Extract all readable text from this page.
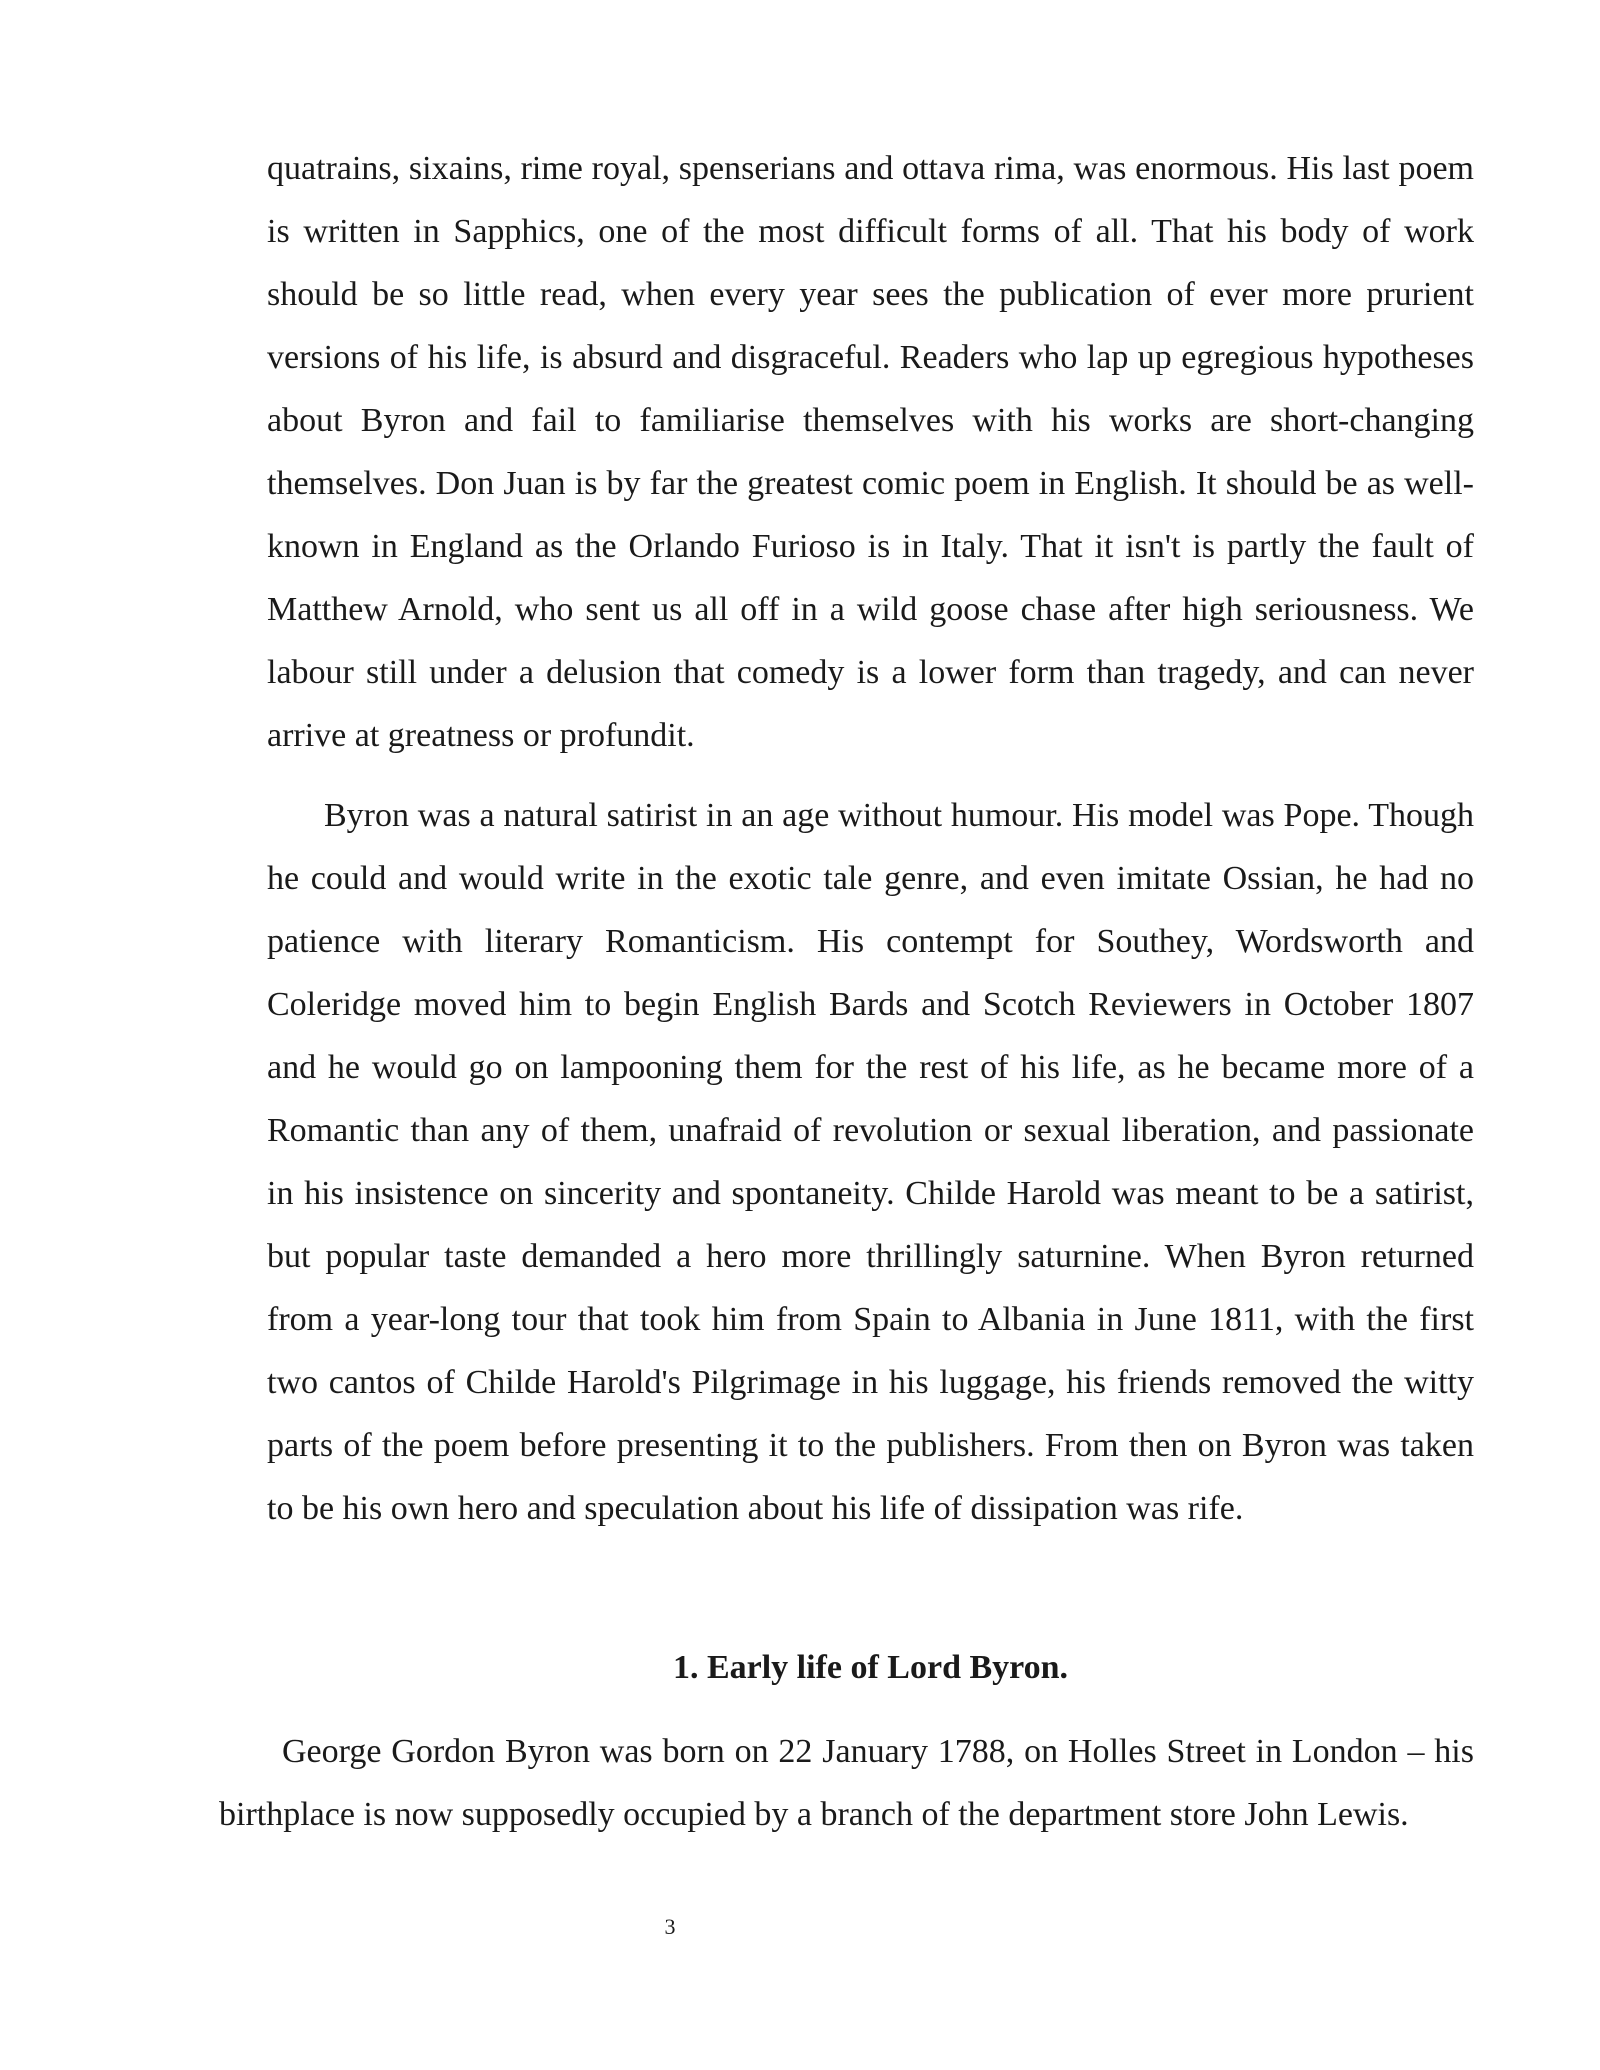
quatrains, sixains, rime royal, spenserians and ottava rima, was enormous. His last poem is written in Sapphics, one of the most difficult forms of all. That his body of work should be so little read, when every year sees the publication of ever more prurient versions of his life, is absurd and disgraceful. Readers who lap up egregious hypotheses about Byron and fail to familiarise themselves with his works are short-changing themselves. Don Juan is by far the greatest comic poem in English. It should be as well-known in England as the Orlando Furioso is in Italy. That it isn't is partly the fault of Matthew Arnold, who sent us all off in a wild goose chase after high seriousness. We labour still under a delusion that comedy is a lower form than tragedy, and can never arrive at greatness or profundit.

Byron was a natural satirist in an age without humour. His model was Pope. Though he could and would write in the exotic tale genre, and even imitate Ossian, he had no patience with literary Romanticism. His contempt for Southey, Wordsworth and Coleridge moved him to begin English Bards and Scotch Reviewers in October 1807 and he would go on lampooning them for the rest of his life, as he became more of a Romantic than any of them, unafraid of revolution or sexual liberation, and passionate in his insistence on sincerity and spontaneity. Childe Harold was meant to be a satirist, but popular taste demanded a hero more thrillingly saturnine. When Byron returned from a year-long tour that took him from Spain to Albania in June 1811, with the first two cantos of Childe Harold's Pilgrimage in his luggage, his friends removed the witty parts of the poem before presenting it to the publishers. From then on Byron was taken to be his own hero and speculation about his life of dissipation was rife.

1. Early life of Lord Byron.

George Gordon Byron was born on 22 January 1788, on Holles Street in London – his birthplace is now supposedly occupied by a branch of the department store John Lewis.

3
